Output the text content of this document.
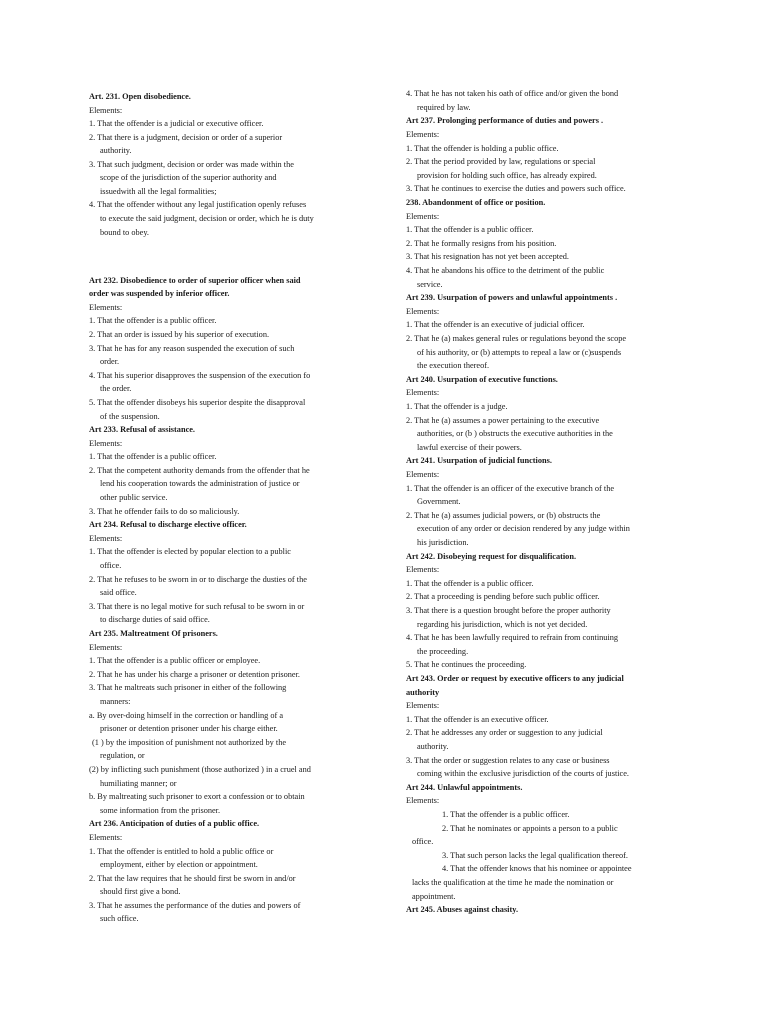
Art. 231. Open disobedience.
Elements:
1. That the offender is a judicial or executive officer.
2. That there is a judgment, decision or order of a superior
authority.
3. That such judgment, decision or order was made within the
scope of the jurisdiction of the superior authority and
issuedwith all the legal formalities;
4. That the offender without any legal justification openly refuses
to execute the said judgment, decision or order, which he is duty
bound to obey.
Art 232. Disobedience to order of superior officer when said
order was suspended by inferior officer.
Elements:
1. That the offender is a public officer.
2. That an order is issued by his superior of execution.
3. That he has for any reason suspended the execution of such
order.
4. That his superior disapproves the suspension of the execution fo
the order.
5. That the offender disobeys his superior despite the disapproval
of the suspension.
Art 233. Refusal of assistance.
Elements:
1. That the offender is a public officer.
2. That the competent authority demands from the offender that he
lend his cooperation towards the administration of justice or
other public service.
3. That he offender fails to do so maliciously.
Art 234. Refusal to discharge elective officer.
Elements:
1. That the offender is elected by popular election to a public
office.
2. That he refuses to be sworn in or to discharge the dusties of the
said office.
3. That there is no legal motive for such refusal to be sworn in or
to discharge duties of said office.
Art 235. Maltreatment Of prisoners.
Elements:
1. That the offender is a public officer or employee.
2. That he has under his charge a prisoner or detention prisoner.
3. That he maltreats such prisoner in either of the following
manners:
a. By over-doing himself in the correction or handling of a
prisoner or detention prisoner under his charge either.
(1 ) by the imposition of punishment not authorized by the
regulation, or
(2) by inflicting such punishment (those authorized ) in a cruel and
humiliating manner; or
b. By maltreating such prisoner to exort a confession or to obtain
some information from the prisoner.
Art 236. Anticipation of duties of a public office.
Elements:
1. That the offender is entitled to hold a public office or
employment, either by election or appointment.
2. That the law requires that he should first be sworn in and/or
should first give a bond.
3. That he assumes the performance of the duties and powers of
such office.
4. That he has not taken his oath of office and/or given the bond
required by law.
Art 237. Prolonging performance of duties and powers .
Elements:
1. That the offender is holding a public office.
2. That the period provided by law, regulations or special
provision for holding such office, has already expired.
3. That he continues to exercise the duties and powers such office.
238. Abandonment of office or position.
Elements:
1. That the offender is a public officer.
2. That he formally resigns from his position.
3. That his resignation has not yet been accepted.
4. That he abandons his office to the detriment of the public
service.
Art 239. Usurpation of powers and unlawful appointments .
Elements:
1. That the offender is an executive of judicial officer.
2. That he (a) makes general rules or regulations beyond the scope
of his authority, or (b) attempts to repeal a law or (c)suspends
the execution thereof.
Art 240. Usurpation of executive functions.
Elements:
1. That the offender is a judge.
2. That he (a) assumes a power pertaining to the executive
authorities, or (b ) obstructs the executive authorities in the
lawful exercise of their powers.
Art 241. Usurpation of judicial functions.
Elements:
1. That the offender is an officer of the executive branch of the
Government.
2. That he (a) assumes judicial powers, or (b) obstructs the
execution of any order or decision rendered by any judge within
his jurisdiction.
Art 242. Disobeying request for disqualification.
Elements:
1. That the offender is a public officer.
2. That a proceeding is pending before such public officer.
3. That there is a question brought before the proper authority
regarding his jurisdiction, which is not yet decided.
4. That he has been lawfully required to refrain from continuing
the proceeding.
5. That he continues the proceeding.
Art 243. Order or request by executive officers to any judicial
authority
Elements:
1. That the offender is an executive officer.
2. That he addresses any order or suggestion to any judicial
authority.
3. That the order or suggestion relates to any case or business
coming within the exclusive jurisdiction of the courts of justice.
Art 244. Unlawful appointments.
Elements:
1. That the offender is a public officer.
2. That he nominates or appoints a person to a public
office.
3. That such person lacks the legal qualification thereof.
4. That the offender knows that his nominee or appointee
lacks the qualification at the time he made the nomination or
appointment.
Art 245. Abuses against chasity.
